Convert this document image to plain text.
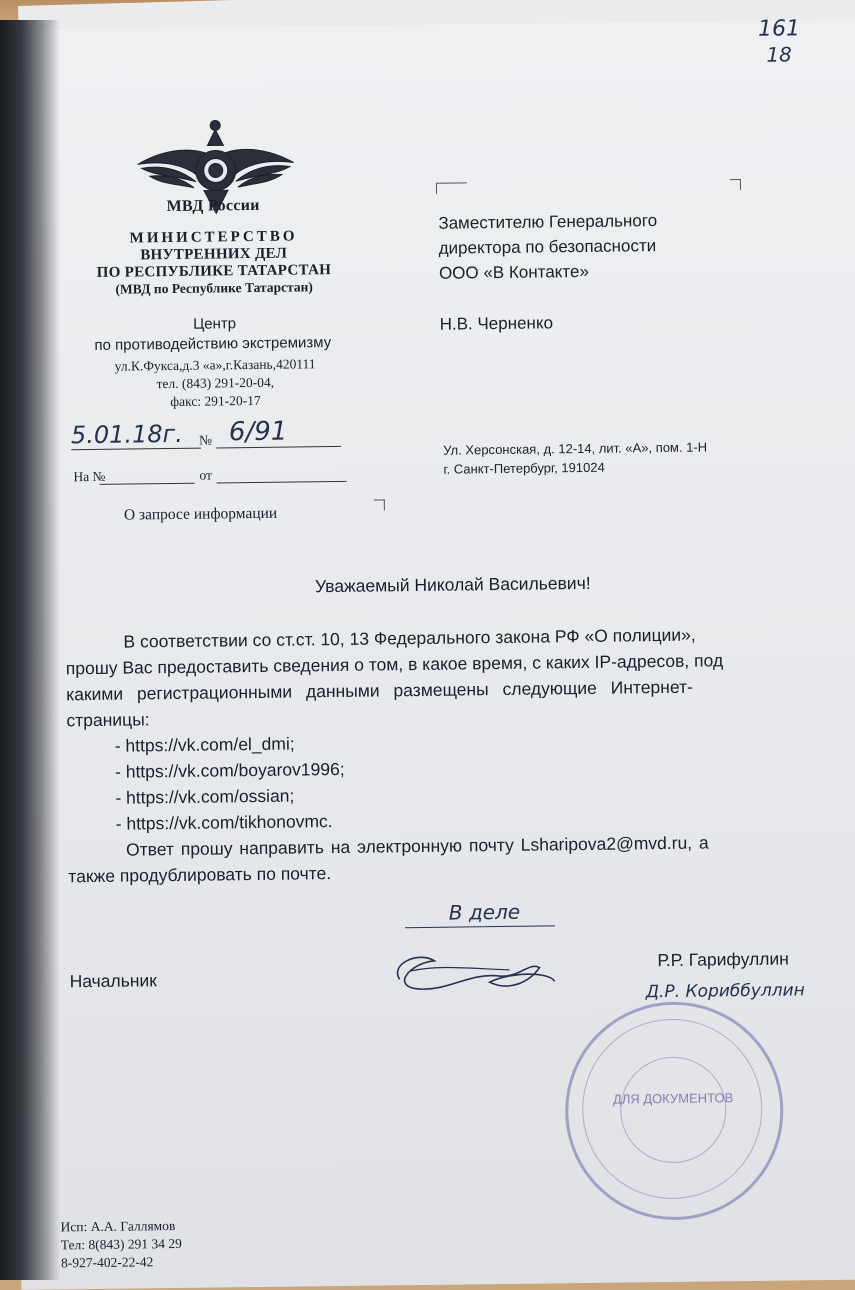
161
18
МВД России
МИНИСТЕРСТВО
ВНУТРЕННИХ ДЕЛ
ПО РЕСПУБЛИКЕ ТАТАРСТАН
(МВД по Республике Татарстан)
Центр
по противодействию экстремизму
ул.К.Фукса,д.3 «а»,г.Казань,420111
тел. (843) 291-20-04,
факс: 291-20-17
5.01.18г. № 6/91
На №	от
О запросе информации
Заместителю Генерального
директора по безопасности
ООО «В Контакте»
Н.В. Черненко
Ул. Херсонская, д. 12-14, лит. «А», пом. 1-Н
г. Санкт-Петербург, 191024
Уважаемый Николай Васильевич!
В соответствии со ст.ст. 10, 13 Федерального закона РФ «О полиции»,
прошу Вас предоставить сведения о том, в какое время, с каких IP-адресов, под
какими регистрационными данными размещены следующие Интернет-
страницы:
- https://vk.com/el_dmi;
- https://vk.com/boyarov1996;
- https://vk.com/ossian;
- https://vk.com/tikhonovmc.
Ответ прошу направить на электронную почту Lsharipova2@mvd.ru, а
также продублировать по почте.
В деле
Начальник
Р.Р. Гарифуллин
Д.Р. Кориббуллин
ДЛЯ ДОКУМЕНТОВ
Исп: А.А. Галлямов
Тел: 8(843) 291 34 29
8-927-402-22-42
